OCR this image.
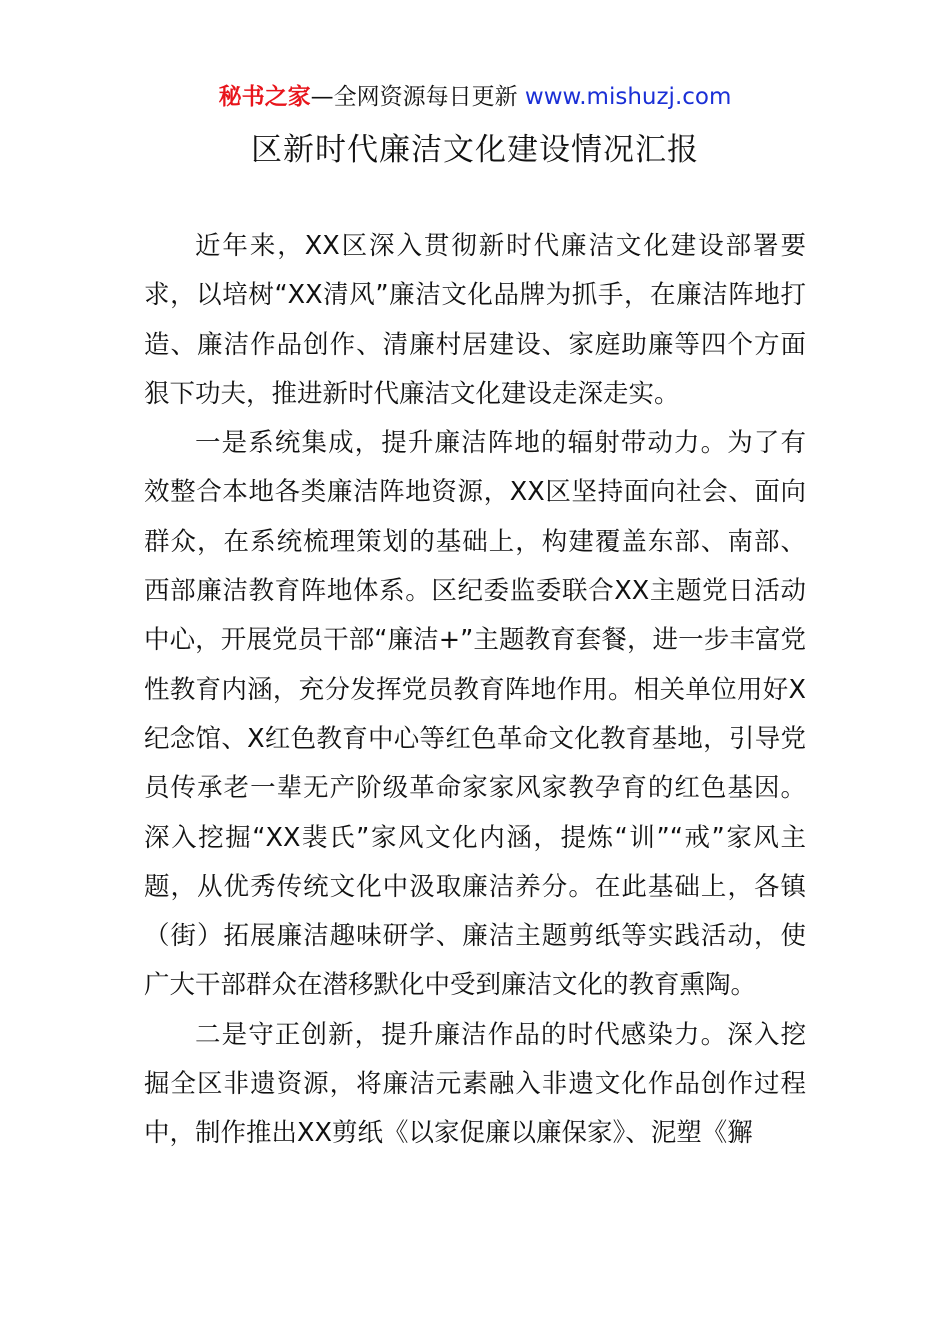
秘书之家—全网资源每日更新 www.mishuzj.com
区新时代廉洁文化建设情况汇报

近年来，XX区深入贯彻新时代廉洁文化建设部署要求，以培树“XX清风”廉洁文化品牌为抓手，在廉洁阵地打造、廉洁作品创作、清廉村居建设、家庭助廉等四个方面狠下功夫，推进新时代廉洁文化建设走深走实。

一是系统集成，提升廉洁阵地的辐射带动力。为了有效整合本地各类廉洁阵地资源，XX区坚持面向社会、面向群众，在系统梳理策划的基础上，构建覆盖东部、南部、西部廉洁教育阵地体系。区纪委监委联合XX主题党日活动中心，开展党员干部“廉洁+”主题教育套餐，进一步丰富党性教育内涵，充分发挥党员教育阵地作用。相关单位用好X纪念馆、X红色教育中心等红色革命文化教育基地，引导党员传承老一辈无产阶级革命家家风家教孕育的红色基因。深入挖掘“XX裴氏”家风文化内涵，提炼“训”“戒”家风主题，从优秀传统文化中汲取廉洁养分。在此基础上，各镇（街）拓展廉洁趣味研学、廉洁主题剪纸等实践活动，使广大干部群众在潜移默化中受到廉洁文化的教育熏陶。

二是守正创新，提升廉洁作品的时代感染力。深入挖掘全区非遗资源，将廉洁元素融入非遗文化作品创作过程中，制作推出XX剪纸《以家促廉以廉保家》、泥塑《獬
